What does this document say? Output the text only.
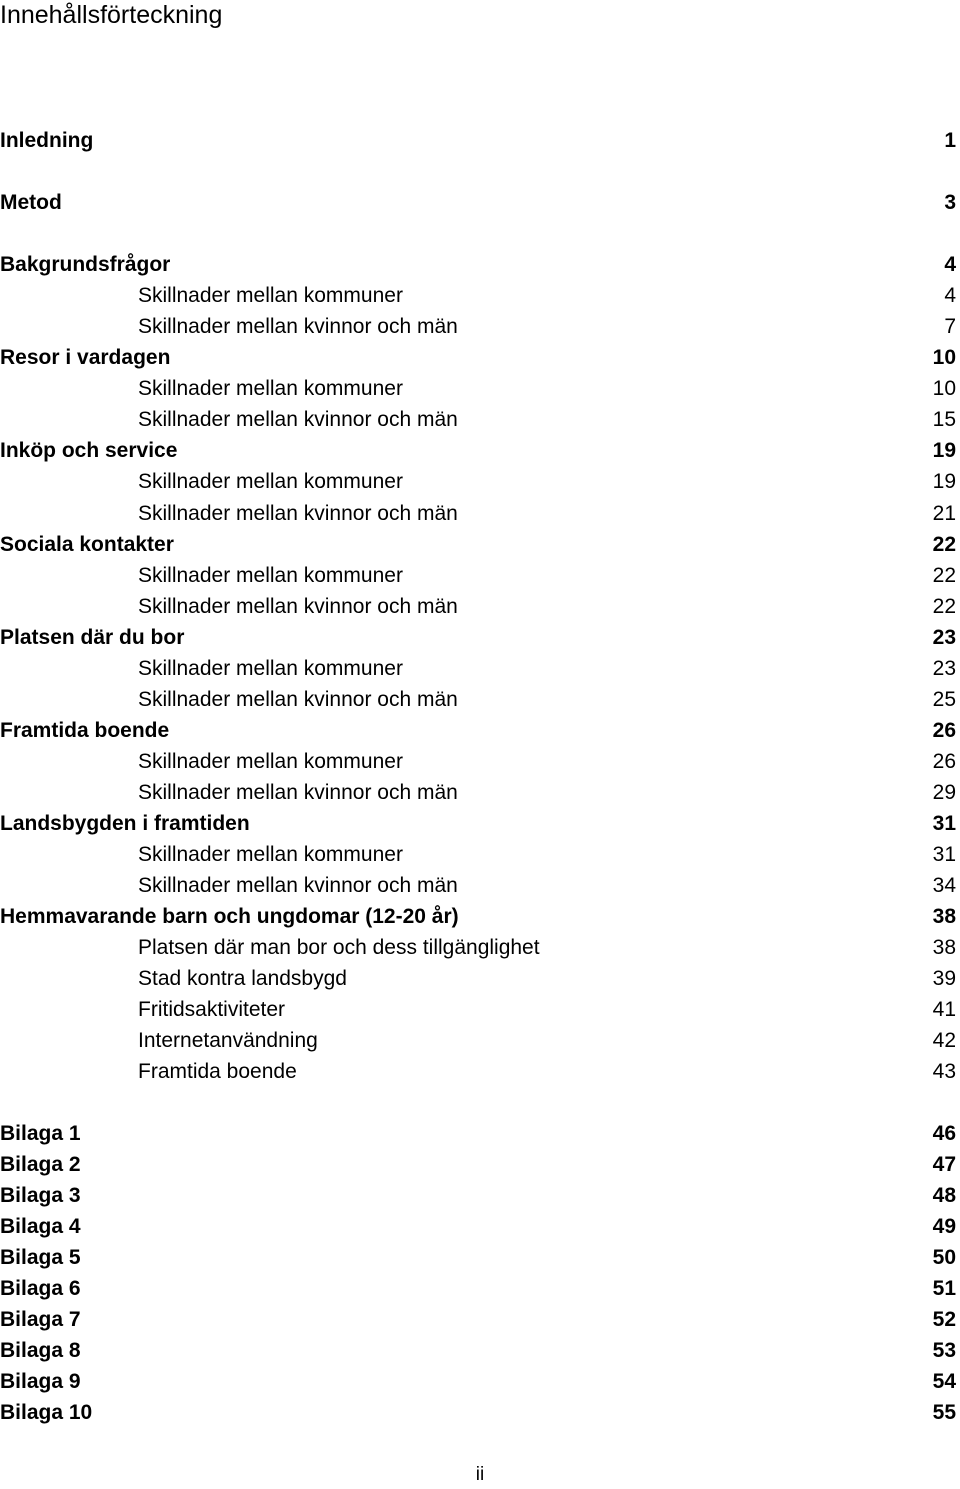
Innehållsförteckning
Inledning	1
Metod	3
Bakgrundsfrågor	4
Skillnader mellan kommuner	4
Skillnader mellan kvinnor och män	7
Resor i vardagen	10
Skillnader mellan kommuner	10
Skillnader mellan kvinnor och män	15
Inköp och service	19
Skillnader mellan kommuner	19
Skillnader mellan kvinnor och män	21
Sociala kontakter	22
Skillnader mellan kommuner	22
Skillnader mellan kvinnor och män	22
Platsen där du bor	23
Skillnader mellan kommuner	23
Skillnader mellan kvinnor och män	25
Framtida boende	26
Skillnader mellan kommuner	26
Skillnader mellan kvinnor och män	29
Landsbygden i framtiden	31
Skillnader mellan kommuner	31
Skillnader mellan kvinnor och män	34
Hemmavarande barn och ungdomar (12-20 år)	38
Platsen där man bor och dess tillgänglighet	38
Stad kontra landsbygd	39
Fritidsaktiviteter	41
Internetanvändning	42
Framtida boende	43
Bilaga 1	46
Bilaga 2	47
Bilaga 3	48
Bilaga 4	49
Bilaga 5	50
Bilaga 6	51
Bilaga 7	52
Bilaga 8	53
Bilaga 9	54
Bilaga 10	55
ii
